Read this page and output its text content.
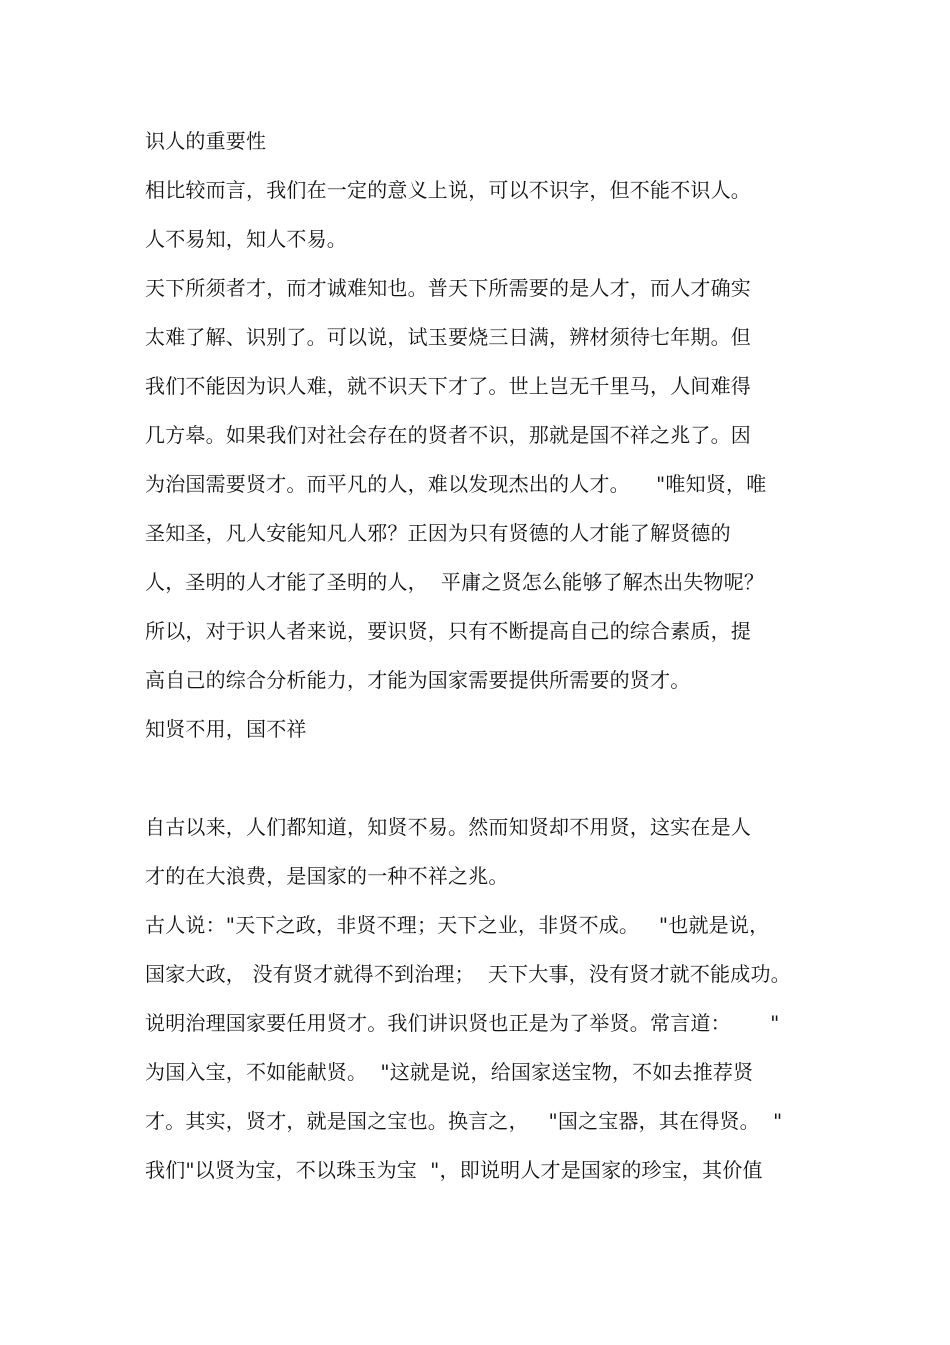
识人的重要性
相比较而言，我们在一定的意义上说，可以不识字，但不能不识人。
人不易知，知人不易。
天下所须者才，而才诚难知也。普天下所需要的是人才，而人才确实
太难了解、识别了。可以说，试玉要烧三日满，辨材须待七年期。但
我们不能因为识人难，就不识天下才了。世上岂无千里马，人间难得
几方皋。如果我们对社会存在的贤者不识，那就是国不祥之兆了。因
为治国需要贤才。而平凡的人，难以发现杰出的人才。    "唯知贤，唯
圣知圣，凡人安能知凡人邪？正因为只有贤德的人才能了解贤德的
人，圣明的人才能了圣明的人，  平庸之贤怎么能够了解杰出失物呢？
所以，对于识人者来说，要识贤，只有不断提高自己的综合素质，提
高自己的综合分析能力，才能为国家需要提供所需要的贤才。
知贤不用，国不祥
自古以来，人们都知道，知贤不易。然而知贤却不用贤，这实在是人
才的在大浪费，是国家的一种不祥之兆。
古人说："天下之政，非贤不理；天下之业，非贤不成。   "也就是说，
国家大政， 没有贤才就得不到治理；  天下大事，没有贤才就不能成功。
说明治理国家要任用贤才。我们讲识贤也正是为了举贤。常言道：      "
为国入宝，不如能献贤。  "这就是说，给国家送宝物，不如去推荐贤
才。其实，贤才，就是国之宝也。换言之，   "国之宝器，其在得贤。  "
我们"以贤为宝，不以珠玉为宝  "，即说明人才是国家的珍宝，其价值
